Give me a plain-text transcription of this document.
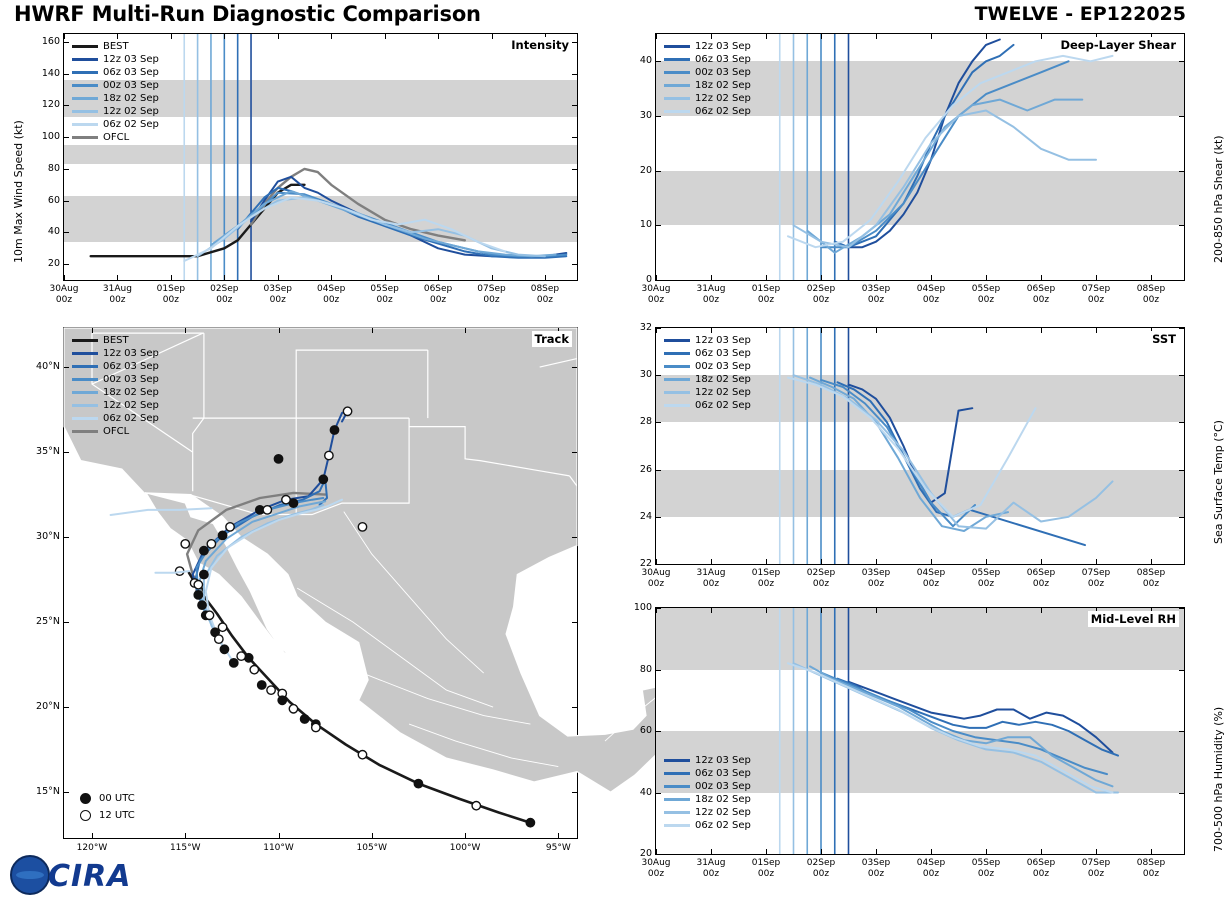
HWRF Multi-Run Diagnostic Comparison	TWELVE - EP122025
10m Max Wind Speed (kt)
Intensity
20
40
60
80
100
120
140
160
30Aug
00z
31Aug
00z
01Sep
00z
02Sep
00z
03Sep
00z
04Sep
00z
05Sep
00z
06Sep
00z
07Sep
00z
08Sep
00z
BEST
12z 03 Sep
06z 03 Sep
00z 03 Sep
18z 02 Sep
12z 02 Sep
06z 02 Sep
OFCL
Track
120°W	115°W	110°W	105°W	100°W	95°W
15°N
20°N
25°N
30°N
35°N
40°N
BEST
12z 03 Sep
06z 03 Sep
00z 03 Sep
18z 02 Sep
12z 02 Sep
06z 02 Sep
OFCL
00 UTC
12 UTC
200-850 hPa Shear (kt)
Deep-Layer Shear
0
10
20
30
40
30Aug
00z
31Aug
00z
01Sep
00z
02Sep
00z
03Sep
00z
04Sep
00z
05Sep
00z
06Sep
00z
07Sep
00z
08Sep
00z
12z 03 Sep
06z 03 Sep
00z 03 Sep
18z 02 Sep
12z 02 Sep
06z 02 Sep
Sea Surface Temp (°C)
SST
22
24
26
28
30
32
30Aug
00z
31Aug
00z
01Sep
00z
02Sep
00z
03Sep
00z
04Sep
00z
05Sep
00z
06Sep
00z
07Sep
00z
08Sep
00z
12z 03 Sep
06z 03 Sep
00z 03 Sep
18z 02 Sep
12z 02 Sep
06z 02 Sep
700-500 hPa Humidity (%)
Mid-Level RH
20
40
60
80
100
30Aug
00z
31Aug
00z
01Sep
00z
02Sep
00z
03Sep
00z
04Sep
00z
05Sep
00z
06Sep
00z
07Sep
00z
08Sep
00z
12z 03 Sep
06z 03 Sep
00z 03 Sep
18z 02 Sep
12z 02 Sep
06z 02 Sep
CIRA
